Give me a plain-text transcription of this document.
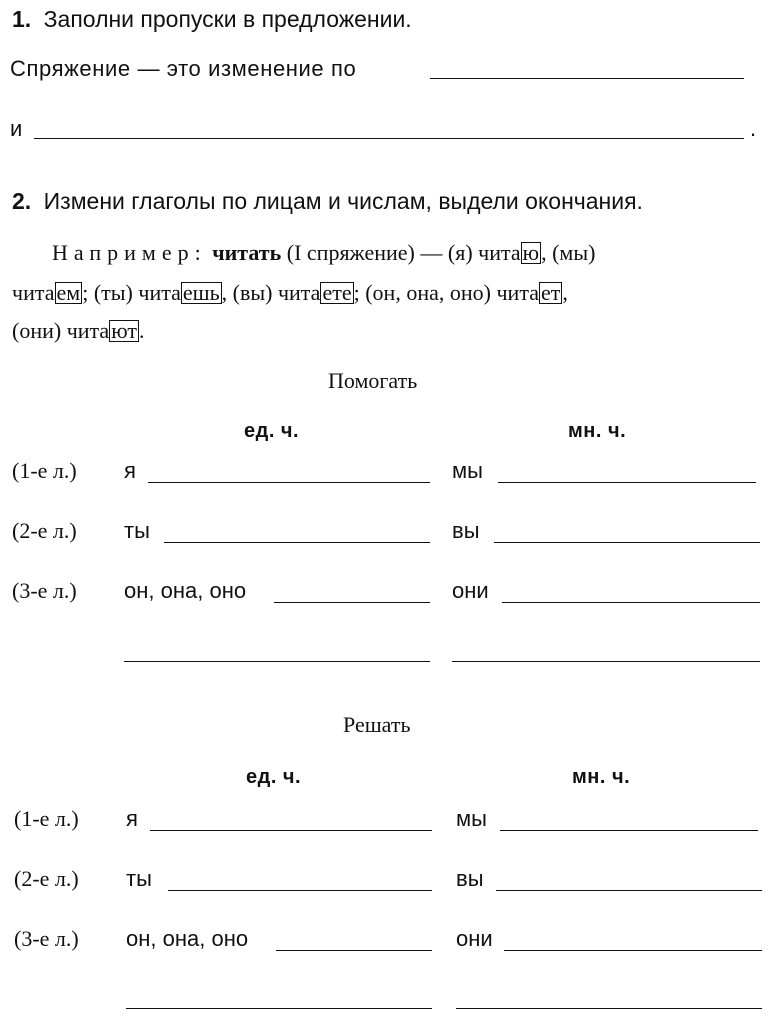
1. Заполни пропуски в предложении.
Спряжение — это изменение по
и	.
2. Измени глаголы по лицам и числам, выдели окончания.
Например: читать (I спряжение) — (я) читаю, (мы)
читаем; (ты) читаешь, (вы) читаете; (он, она, оно) читает,
(они) читают.
Помогать
ед. ч.	мн. ч.
(1-е л.) я	мы
(2-е л.) ты	вы
(3-е л.) он, она, оно	они
Решать
ед. ч.	мн. ч.
(1-е л.) я	мы
(2-е л.) ты	вы
(3-е л.) он, она, оно	они
